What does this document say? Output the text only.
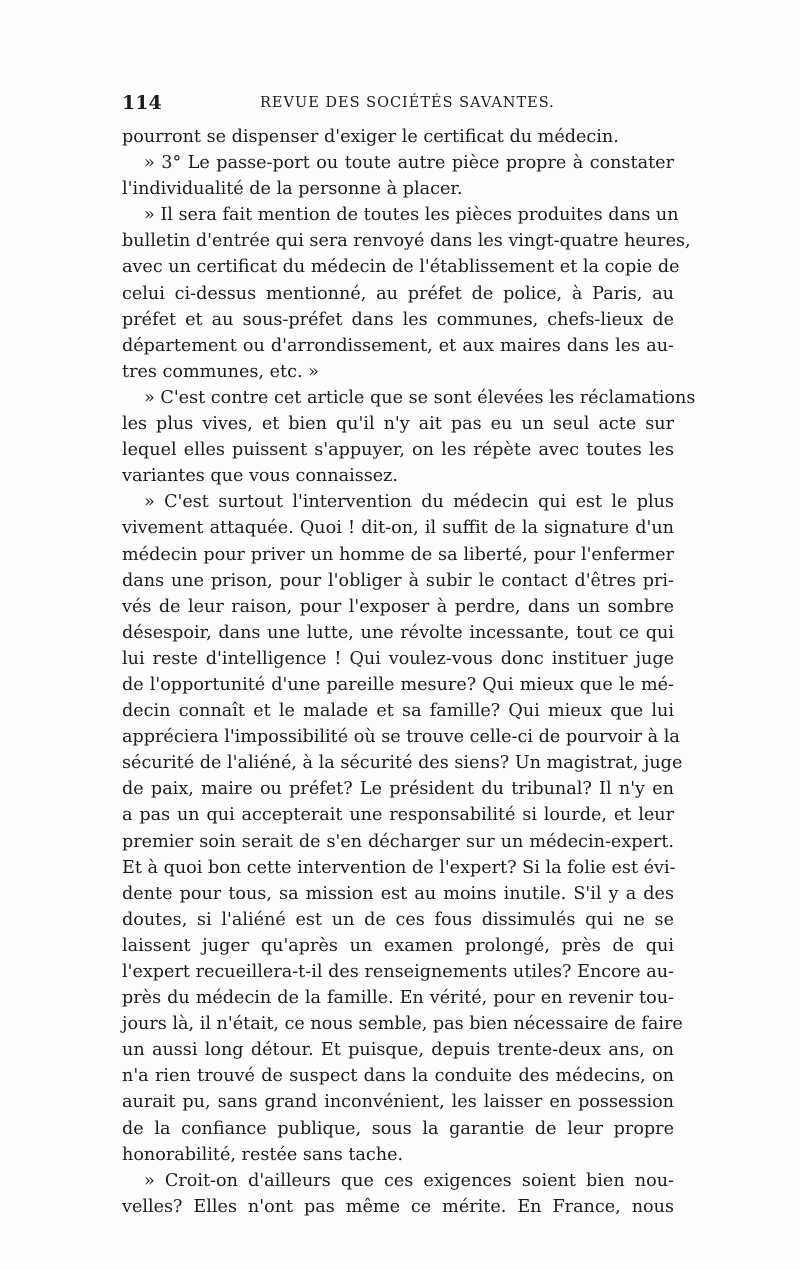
114	REVUE DES SOCIÉTÉS SAVANTES.
pourront se dispenser d'exiger le certificat du médecin.
» 3° Le passe-port ou toute autre pièce propre à constater
l'individualité de la personne à placer.
» Il sera fait mention de toutes les pièces produites dans un
bulletin d'entrée qui sera renvoyé dans les vingt-quatre heures,
avec un certificat du médecin de l'établissement et la copie de
celui ci-dessus mentionné, au préfet de police, à Paris, au
préfet et au sous-préfet dans les communes, chefs-lieux de
département ou d'arrondissement, et aux maires dans les au-
tres communes, etc. »
» C'est contre cet article que se sont élevées les réclamations
les plus vives, et bien qu'il n'y ait pas eu un seul acte sur
lequel elles puissent s'appuyer, on les répète avec toutes les
variantes que vous connaissez.
» C'est surtout l'intervention du médecin qui est le plus
vivement attaquée. Quoi ! dit-on, il suffit de la signature d'un
médecin pour priver un homme de sa liberté, pour l'enfermer
dans une prison, pour l'obliger à subir le contact d'êtres pri-
vés de leur raison, pour l'exposer à perdre, dans un sombre
désespoir, dans une lutte, une révolte incessante, tout ce qui
lui reste d'intelligence ! Qui voulez-vous donc instituer juge
de l'opportunité d'une pareille mesure? Qui mieux que le mé-
decin connaît et le malade et sa famille? Qui mieux que lui
appréciera l'impossibilité où se trouve celle-ci de pourvoir à la
sécurité de l'aliéné, à la sécurité des siens? Un magistrat, juge
de paix, maire ou préfet? Le président du tribunal? Il n'y en
a pas un qui accepterait une responsabilité si lourde, et leur
premier soin serait de s'en décharger sur un médecin-expert.
Et à quoi bon cette intervention de l'expert? Si la folie est évi-
dente pour tous, sa mission est au moins inutile. S'il y a des
doutes, si l'aliéné est un de ces fous dissimulés qui ne se
laissent juger qu'après un examen prolongé, près de qui
l'expert recueillera-t-il des renseignements utiles? Encore au-
près du médecin de la famille. En vérité, pour en revenir tou-
jours là, il n'était, ce nous semble, pas bien nécessaire de faire
un aussi long détour. Et puisque, depuis trente-deux ans, on
n'a rien trouvé de suspect dans la conduite des médecins, on
aurait pu, sans grand inconvénient, les laisser en possession
de la confiance publique, sous la garantie de leur propre
honorabilité, restée sans tache.
» Croit-on d'ailleurs que ces exigences soient bien nou-
velles? Elles n'ont pas même ce mérite. En France, nous
